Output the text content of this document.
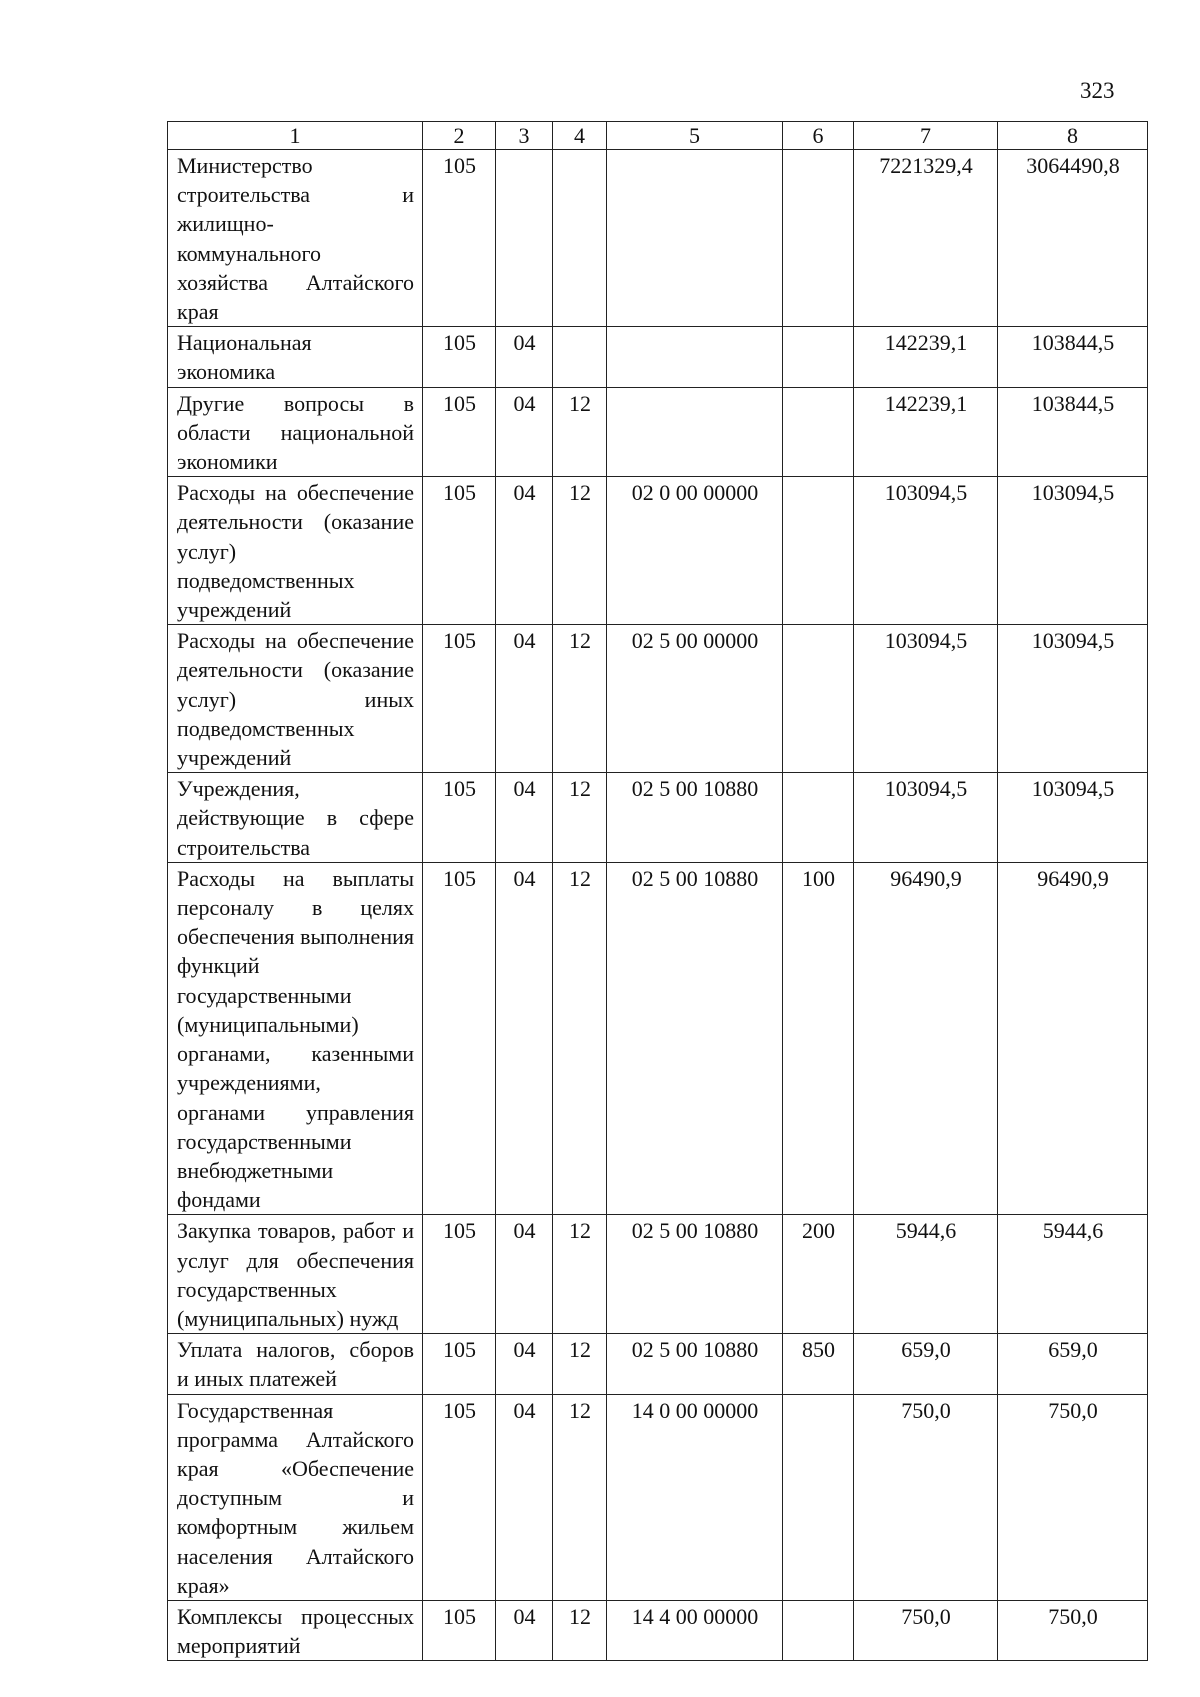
323
1	2	3	4	5	6	7	8
Министерство строительства и жилищно-коммунального хозяйства Алтайского края	105					7221329,4	3064490,8
Национальная экономика	105	04				142239,1	103844,5
Другие вопросы в области национальной экономики	105	04	12			142239,1	103844,5
Расходы на обеспечение деятельности (оказание услуг) подведомственных учреждений	105	04	12	02 0 00 00000		103094,5	103094,5
Расходы на обеспечение деятельности (оказание услуг) иных подведомственных учреждений	105	04	12	02 5 00 00000		103094,5	103094,5
Учреждения, действующие в сфере строительства	105	04	12	02 5 00 10880		103094,5	103094,5
Расходы на выплаты персоналу в целях обеспечения выполнения функций государственными (муниципальными) органами, казенными учреждениями, органами управления государственными внебюджетными фондами	105	04	12	02 5 00 10880	100	96490,9	96490,9
Закупка товаров, работ и услуг для обеспечения государственных (муниципальных) нужд	105	04	12	02 5 00 10880	200	5944,6	5944,6
Уплата налогов, сборов и иных платежей	105	04	12	02 5 00 10880	850	659,0	659,0
Государственная программа Алтайского края «Обеспечение доступным и комфортным жильем населения Алтайского края»	105	04	12	14 0 00 00000		750,0	750,0
Комплексы процессных мероприятий	105	04	12	14 4 00 00000		750,0	750,0
